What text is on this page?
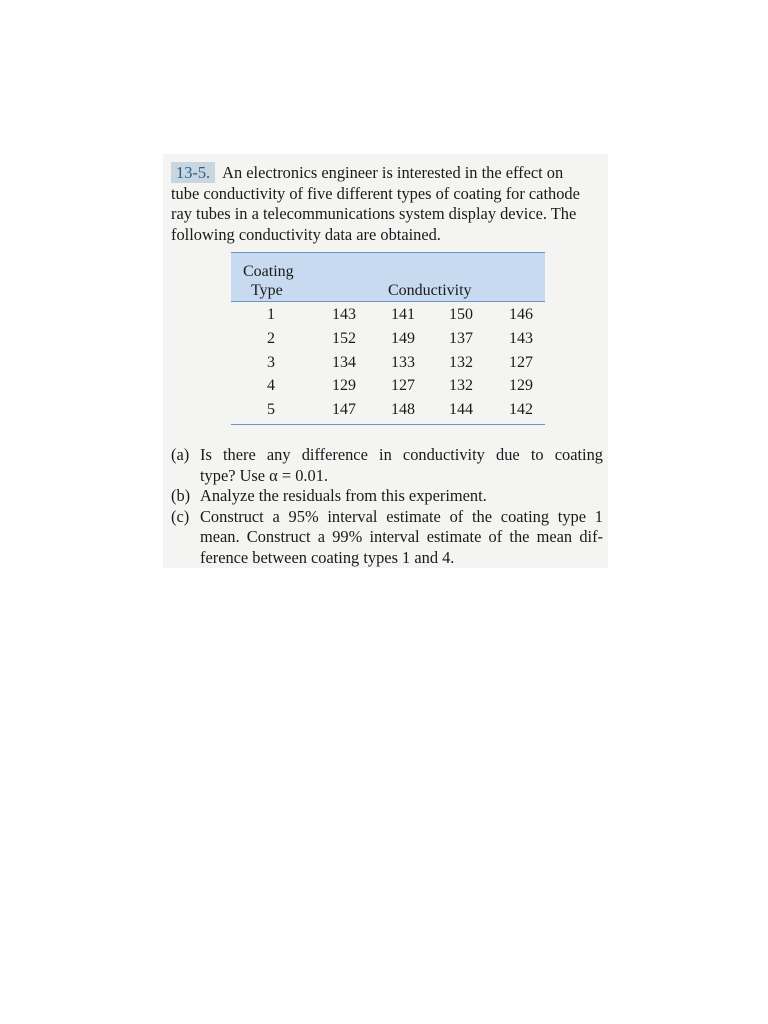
13-5. An electronics engineer is interested in the effect on
tube conductivity of five different types of coating for cathode
ray tubes in a telecommunications system display device. The
following conductivity data are obtained.
Coating
Type	Conductivity
1	143	141	150	146
2	152	149	137	143
3	134	133	132	127
4	129	127	132	129
5	147	148	144	142
(a) Is there any difference in conductivity due to coating
type? Use α = 0.01.
(b) Analyze the residuals from this experiment.
(c) Construct a 95% interval estimate of the coating type 1
mean. Construct a 99% interval estimate of the mean dif-
ference between coating types 1 and 4.
